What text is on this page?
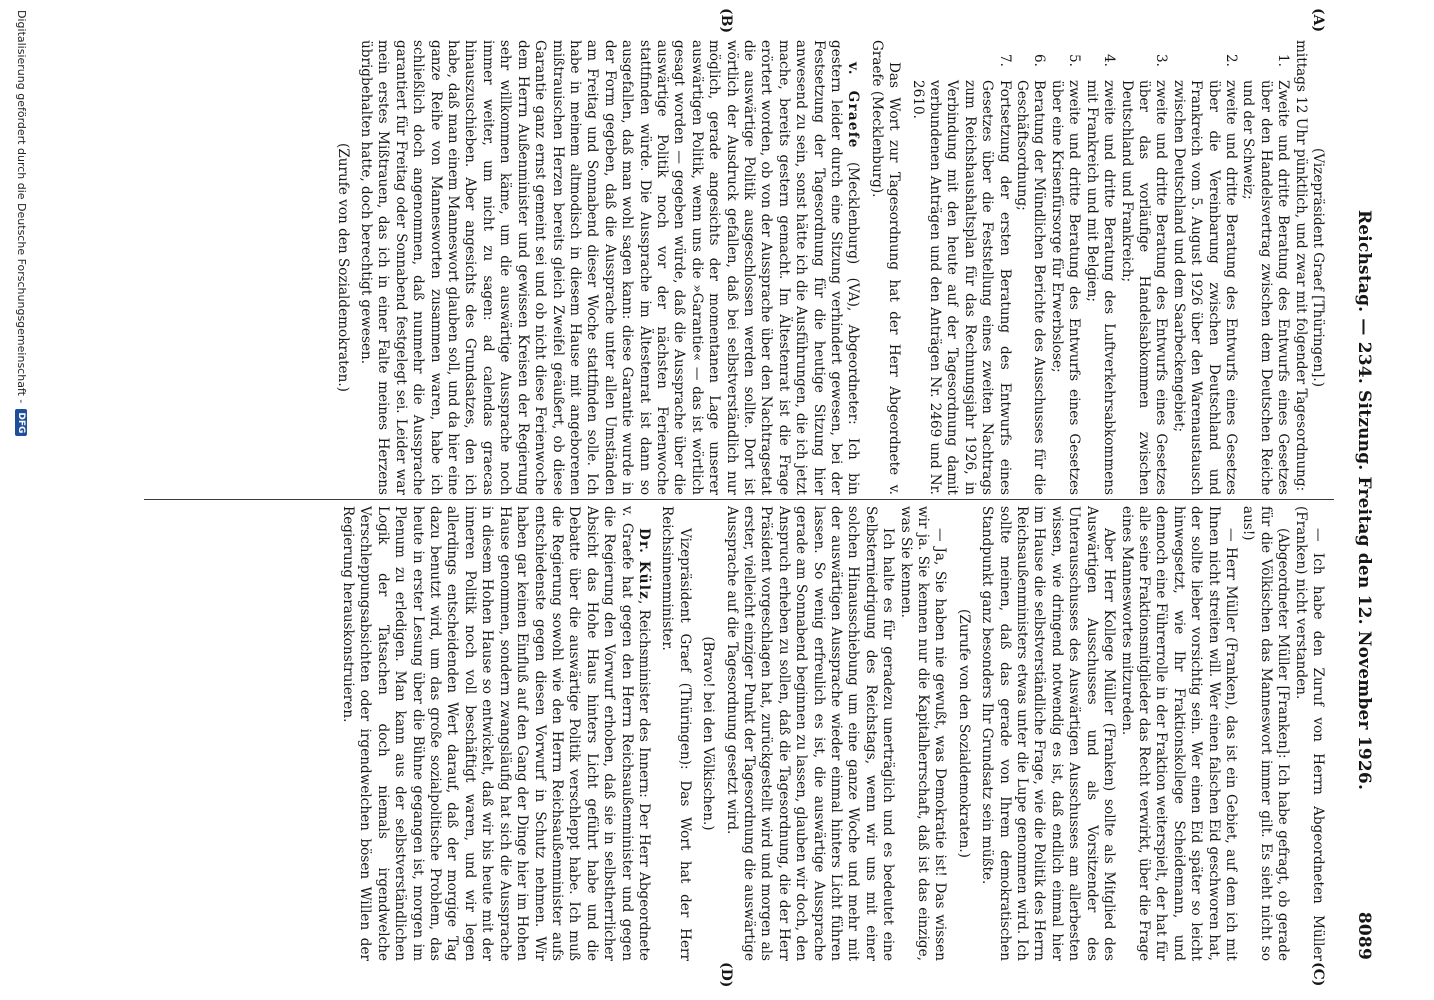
Reichstag. — 234. Sitzung. Freitag den 12. November 1926.
8089
(A)
(B)
(C)
(D)

(Vizepräsident Graef [Thüringen].)

mittags 12 Uhr pünktlich, und zwar mit folgender Tagesordnung:

1.
Zweite und dritte Beratung des Entwurfs eines Gesetzes über den Handelsvertrag zwischen dem Deutschen Reiche und der Schweiz;
2.
zweite und dritte Beratung des Entwurfs eines Gesetzes über die Vereinbarung zwischen Deutschland und Frankreich vom 5. August 1926 über den Warenaustausch zwischen Deutschland und dem Saarbeckengebiet;
3.
zweite und dritte Beratung des Entwurfs eines Gesetzes über das vorläufige Handelsabkommen zwischen Deutschland und Frankreich;
4.
zweite und dritte Beratung des Luftverkehrsabkommens mit Frankreich und mit Belgien;
5.
zweite und dritte Beratung des Entwurfs eines Gesetzes über eine Krisenfürsorge für Erwerbslose;
6.
Beratung der Mündlichen Berichte des Ausschusses für die Geschäftsordnung;
7.
Fortsetzung der ersten Beratung des Entwurfs eines Gesetzes über die Feststellung eines zweiten Nachtrags zum Reichshaushaltsplan für das Rechnungsjahr 1926, in Verbindung mit den heute auf der Tagesordnung damit verbundenen Anträgen und den Anträgen Nr. 2469 und Nr. 2610.

Das Wort zur Tagesordnung hat der Herr Abgeordnete v. Graefe (Mecklenburg).

v. Graefe (Mecklenburg) (VA), Abgeordneter: Ich bin gestern leider durch eine Sitzung verhindert gewesen, bei der Festsetzung der Tagesordnung für die heutige Sitzung hier anwesend zu sein, sonst hätte ich die Ausführungen, die ich jetzt mache, bereits gestern gemacht. Im Ältestenrat ist die Frage erörtert worden, ob von der Aussprache über den Nachtragsetat die auswärtige Politik ausgeschlossen werden sollte. Dort ist wörtlich der Ausdruck gefallen, daß bei selbstverständlich nur möglich, gerade angesichts der momentanen Lage unserer auswärtigen Politik, wenn uns die »Garantie« — das ist wörtlich gesagt worden — gegeben würde, daß die Aussprache über die auswärtige Politik noch vor der nächsten Ferienwoche stattfinden würde. Die Aussprache im Ältestenrat ist dann so ausgefallen, daß man wohl sagen kann: diese Garantie wurde in der Form gegeben, daß die Aussprache unter allen Umständen am Freitag und Sonnabend dieser Woche stattfinden solle. Ich habe in meinem altmodisch in diesem Hause mit angeborenen mißtrauischen Herzen bereits gleich Zweifel geäußert, ob diese Garantie ganz ernst gemeint sei und ob nicht diese Ferienwoche dem Herrn Außenminister und gewissen Kreisen der Regierung sehr willkommen käme, um die auswärtige Aussprache noch immer weiter, um nicht zu sagen: ad calendas graecas hinauszuschieben. Aber angesichts des Grundsatzes, den ich habe, daß man einem Manneswort glauben soll, und da hier eine ganze Reihe von Mannesworten zusammen waren, habe ich schließlich doch angenommen, daß nunmehr die Aussprache garantiert für Freitag oder Sonnabend festgelegt sei. Leider war mein erstes Mißtrauen, das ich in einer Falte meines Herzens übrigbehalten hatte, doch berechtigt gewesen.

(Zurufe von den Sozialdemokraten.)

— Ich habe den Zuruf von Herrn Abgeordneten Müller (Franken) nicht verstanden.

(Abgeordneter Müller [Franken]: Ich habe gefragt, ob gerade für die Völkischen das Manneswort immer gilt. Es sieht nicht so aus!)

— Herr Müller (Franken), das ist ein Gebiet, auf dem ich mit Ihnen nicht streiten will. Wer einen falschen Eid geschworen hat, der sollte lieber vorsichtig sein. Wer einen Eid später so leicht hinwegsetzt, wie Ihr Fraktionskollege Scheidemann, und dennoch eine Führerrolle in der Fraktion weiterspielt, der hat für alle seine Fraktionsmitglieder das Recht verwirkt, über die Frage eines Manneswortes mitzureden.

Aber Herr Kollege Müller (Franken) sollte als Mitglied des Auswärtigen Ausschusses und als Vorsitzender des Unterausschusses des Auswärtigen Ausschusses am allerbesten wissen, wie dringend notwendig es ist, daß endlich einmal hier im Hause die selbstverständliche Frage, wie die Politik des Herrn Reichsaußenministers etwas unter die Lupe genommen wird. Ich sollte meinen, daß das gerade von Ihrem demokratischen Standpunkt ganz besonders Ihr Grundsatz sein müßte.

(Zurufe von den Sozialdemokraten.)

— Ja, Sie haben nie gewußt, was Demokratie ist! Das wissen wir ja. Sie kennen nur die Kapitalherrschaft, daß ist das einzige, was Sie kennen.

Ich halte es für geradezu unerträglich und es bedeutet eine Selbsterniedrigung des Reichstags, wenn wir uns mit einer solchen Hinausschiebung um eine ganze Woche und mehr mit der auswärtigen Aussprache wieder einmal hinters Licht führen lassen. So wenig erfreulich es ist, die auswärtige Aussprache gerade am Sonnabend beginnen zu lassen, glauben wir doch, den Anspruch erheben zu sollen, daß die Tagesordnung, die der Herr Präsident vorgeschlagen hat, zurückgestellt wird und morgen als erster, vielleicht einziger Punkt der Tagesordnung die auswärtige Aussprache auf die Tagesordnung gesetzt wird.

(Bravo! bei den Völkischen.)

Vizepräsident Graef (Thüringen): Das Wort hat der Herr Reichsinnenminister.

Dr. Külz, Reichsminister des Innern: Der Herr Abgeordnete v. Graefe hat gegen den Herrn Reichsaußenminister und gegen die Regierung den Vorwurf erhoben, daß sie in selbstherrlicher Absicht das Hohe Haus hinters Licht geführt habe und die Debatte über die auswärtige Politik verschleppt habe. Ich muß die Regierung sowohl wie den Herrn Reichsaußenminister aufs entschiedenste gegen diesen Vorwurf in Schutz nehmen. Wir haben gar keinen Einfluß auf den Gang der Dinge hier im Hohen Hause genommen, sondern zwangsläufig hat sich die Aussprache in diesem Hohen Hause so entwickelt, daß wir bis heute mit der inneren Politik noch voll beschäftigt waren, und wir legen allerdings entscheidenden Wert darauf, daß der morgige Tag dazu benutzt wird, um das große sozialpolitische Problem, das heute in erster Lesung über die Bühne gegangen ist, morgen im Plenum zu erledigen. Man kann aus der selbstverständlichen Logik der Tatsachen doch niemals irgendwelche Verschleppungsabsichten oder irgendwelchen bösen Willen der Regierung herauskonstruieren.

Digitalisierung gefördert durch die Deutsche Forschungsgemeinschaft -
DFG
